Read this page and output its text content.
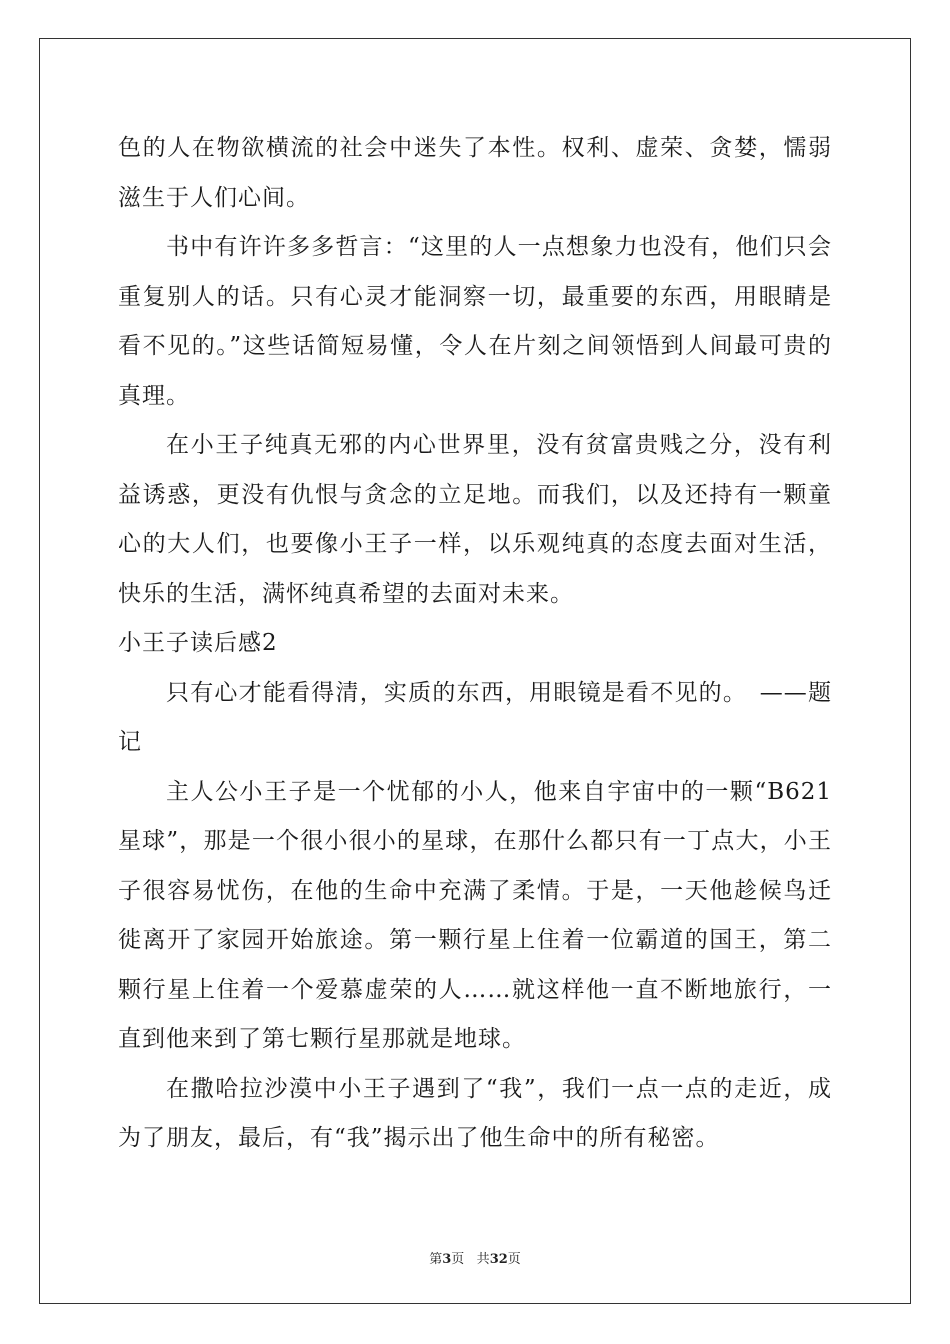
色的人在物欲横流的社会中迷失了本性。权利、虚荣、贪婪，懦弱滋生于人们心间。

书中有许许多多哲言：“这里的人一点想象力也没有，他们只会重复别人的话。只有心灵才能洞察一切，最重要的东西，用眼睛是看不见的。”这些话简短易懂，令人在片刻之间领悟到人间最可贵的真理。

在小王子纯真无邪的内心世界里，没有贫富贵贱之分，没有利益诱惑，更没有仇恨与贪念的立足地。而我们，以及还持有一颗童心的大人们，也要像小王子一样，以乐观纯真的态度去面对生活，快乐的生活，满怀纯真希望的去面对未来。

小王子读后感2

只有心才能看得清，实质的东西，用眼镜是看不见的。　——题记

主人公小王子是一个忧郁的小人，他来自宇宙中的一颗“B621星球”，那是一个很小很小的星球，在那什么都只有一丁点大，小王子很容易忧伤，在他的生命中充满了柔情。于是，一天他趁候鸟迁徙离开了家园开始旅途。第一颗行星上住着一位霸道的国王，第二颗行星上住着一个爱慕虚荣的人……就这样他一直不断地旅行，一直到他来到了第七颗行星那就是地球。

在撒哈拉沙漠中小王子遇到了“我”，我们一点一点的走近，成为了朋友，最后，有“我”揭示出了他生命中的所有秘密。

第3页 共32页
